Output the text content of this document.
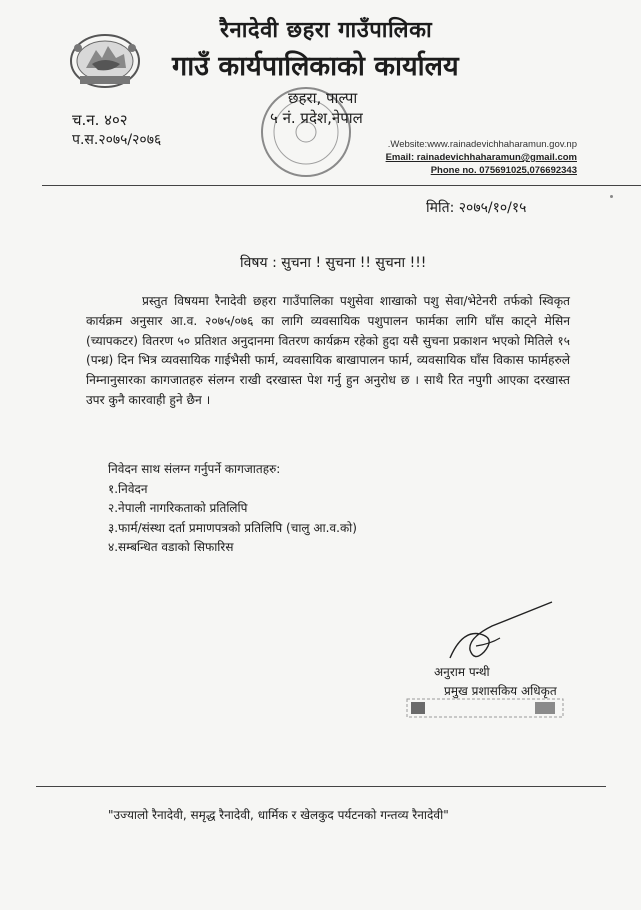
रैनादेवी छहरा गाउँपालिका
गाउँ कार्यपालिकाको कार्यालय
छहरा, पाल्पा
५ नं. प्रदेश,नेपाल
च.न. ४०२
प.स.२०७५/२०७६	.Website:www.rainadevichhaharamun.gov.np
Email: rainadevichhaharamun@gmail.com
Phone no. 075691025,076692343
मिति: २०७५/१०/१५
विषय : सुचना ! सुचना !! सुचना !!!
प्रस्तुत विषयमा रैनादेवी छहरा गाउँपालिका पशुसेवा शाखाको पशु सेवा/भेटेनरी तर्फको स्विकृत कार्यक्रम अनुसार आ.व. २०७५/०७६ का लागि व्यवसायिक पशुपालन फार्मका लागि घाँस काट्ने मेसिन (च्यापकटर) वितरण ५० प्रतिशत अनुदानमा वितरण कार्यक्रम रहेको हुदा यसै सुचना प्रकाशन भएको मितिले १५ (पन्ध्र) दिन भित्र व्यवसायिक गाईभैसी फार्म, व्यवसायिक बाखापालन फार्म, व्यवसायिक घाँस विकास फार्महरुले निम्नानुसारका कागजातहरु संलग्न राखी दरखास्त पेश गर्नु हुन अनुरोध छ । साथै रित नपुगी आएका दरखास्त उपर कुनै कारवाही हुने छैन ।
निवेदन साथ संलग्न गर्नुपर्ने कागजातहरु:
१.निवेदन
२.नेपाली नागरिकताको प्रतिलिपि
३.फार्म/संस्था दर्ता प्रमाणपत्रको प्रतिलिपि (चालु आ.व.को)
४.सम्बन्धित वडाको सिफारिस
अनुराम पन्थी
प्रमुख प्रशासकिय अधिकृत
"उज्यालो रैनादेवी, समृद्ध रैनादेवी, धार्मिक र खेलकुद पर्यटनको गन्तव्य रैनादेवी"
